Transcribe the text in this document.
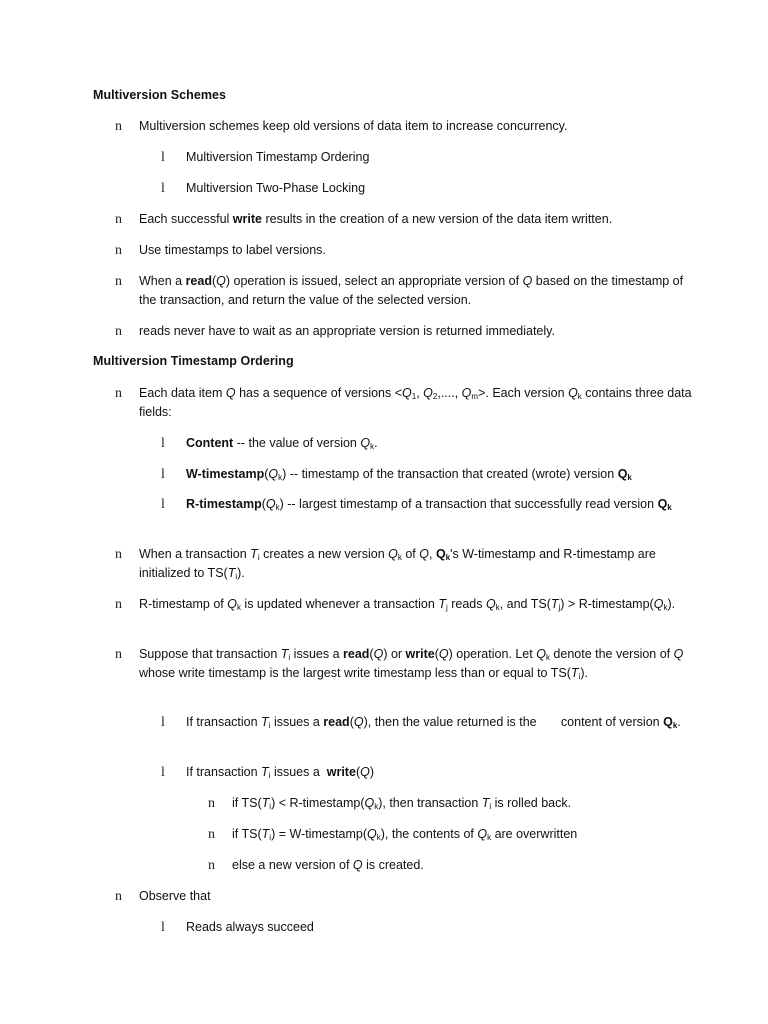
Multiversion Schemes
n Multiversion schemes keep old versions of data item to increase concurrency.
l Multiversion Timestamp Ordering
l Multiversion Two-Phase Locking
n Each successful write results in the creation of a new version of the data item written.
n Use timestamps to label versions.
n When a read(Q) operation is issued, select an appropriate version of Q based on the timestamp of the transaction, and return the value of the selected version.
n reads never have to wait as an appropriate version is returned immediately.
Multiversion Timestamp Ordering
n Each data item Q has a sequence of versions $<Q_1$, $Q_2$,...., $Q_m>$. Each version $Q_k$ contains three data fields:
l Content -- the value of version $Q_k$.
l $W-timestamp(Q_k)$ -- timestamp of the transaction that created (wrote) version $Q_k$
l $R-timestamp(Q_k)$ -- largest timestamp of a transaction that successfully read version $Q_k$
n When a transaction $T_i$ creates a new version $Q_k$ of Q, $Q_k's$ W-timestamp and R-timestamp are initialized to $TS(T_i)$.
n R-timestamp of $Q_k$ is updated whenever a transaction $T_j$ reads $Q_k$, and $TS(T_j)$ > $R-timestamp(Q_k)$.
n Suppose that transaction $T_i$ issues a read(Q) or write(Q) operation. Let $Q_k$ denote the version of Q whose write timestamp is the largest write timestamp less than or equal to $TS(T_i)$.
l If transaction $T_i$ issues a read(Q), then the value returned is the       content of version $Q_k$.
l If transaction $T_i$ issues a  write(Q)
n if $TS(T_i)$ < $R-timestamp(Q_k)$, then transaction $T_i$ is rolled back.
n if $TS(T_i)$ = $W-timestamp(Q_k)$, the contents of $Q_k$ are overwritten
n else a new version of Q is created.
n Observe that
l Reads always succeed
